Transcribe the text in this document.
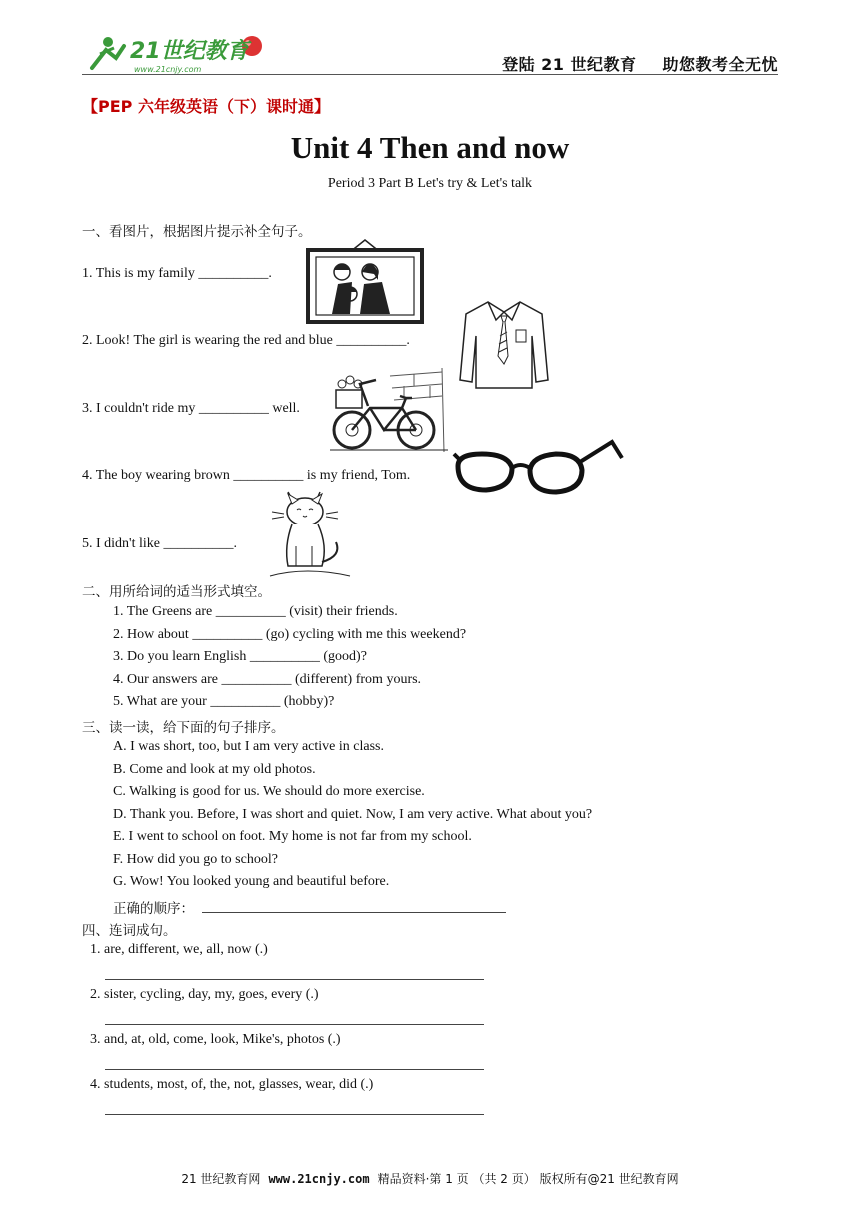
21世纪教育
www.21cnjy.com	登陆 21 世纪教育 助您教考全无忧
【PEP 六年级英语（下）课时通】
Unit 4 Then and now
Period 3 Part B Let's try & Let's talk
一、看图片，根据图片提示补全句子。
1. This is my family __________.
2. Look! The girl is wearing the red and blue __________.
3. I couldn't ride my __________ well.
4. The boy wearing brown __________ is my friend, Tom.
5. I didn't like __________.
二、用所给词的适当形式填空。
1. The Greens are __________ (visit) their friends.
2. How about __________ (go) cycling with me this weekend?
3. Do you learn English __________ (good)?
4. Our answers are __________ (different) from yours.
5. What are your __________ (hobby)?
三、读一读，给下面的句子排序。
A. I was short, too, but I am very active in class.
B. Come and look at my old photos.
C. Walking is good for us. We should do more exercise.
D. Thank you. Before, I was short and quiet. Now, I am very active. What about you?
E. I went to school on foot. My home is not far from my school.
F. How did you go to school?
G. Wow! You looked young and beautiful before.
正确的顺序：
四、连词成句。
1. are, different, we, all, now (.)
2. sister, cycling, day, my, goes, every (.)
3. and, at, old, come, look, Mike's, photos (.)
4. students, most, of, the, not, glasses, wear, did (.)
21 世纪教育网 www.21cnjy.com 精品资料·第 1 页 （共 2 页） 版权所有@21 世纪教育网
